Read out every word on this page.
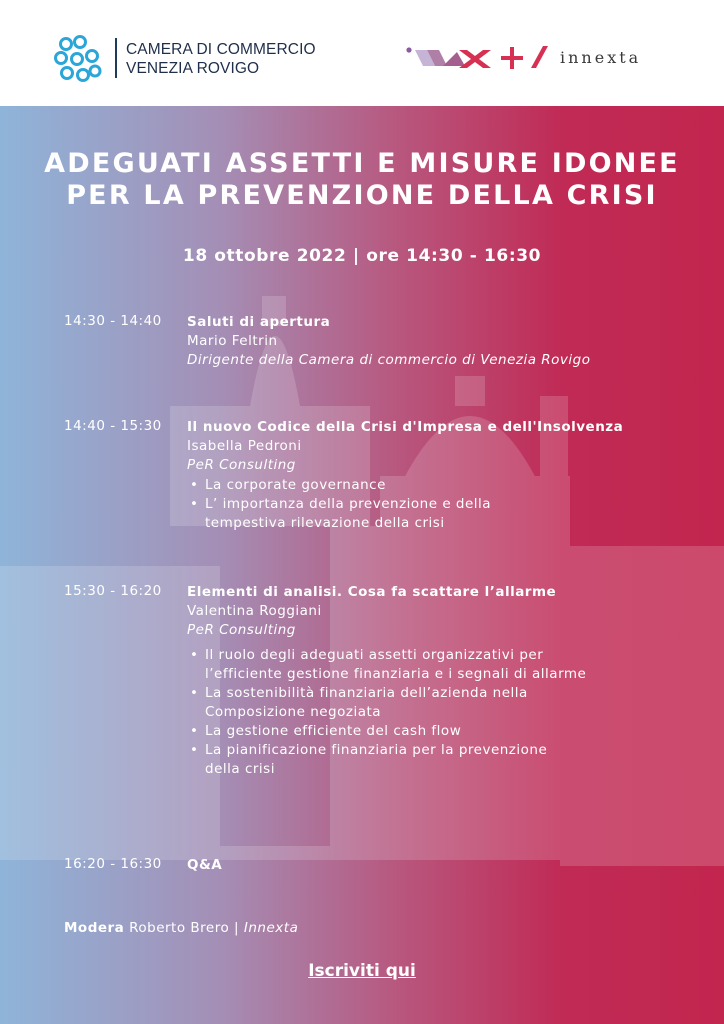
CAMERA DI COMMERCIO
VENEZIA ROVIGO
innexta
ADEGUATI ASSETTI E MISURE IDONEE
PER LA PREVENZIONE DELLA CRISI
18 ottobre 2022 | ore 14:30 - 16:30
14:30 - 14:40 Saluti di apertura
Mario Feltrin
Dirigente della Camera di commercio di Venezia Rovigo
14:40 - 15:30 Il nuovo Codice della Crisi d'Impresa e dell'Insolvenza
Isabella Pedroni
PeR Consulting
• La corporate governance
• L’ importanza della prevenzione e della tempestiva rilevazione della crisi
15:30 - 16:20 Elementi di analisi. Cosa fa scattare l’allarme
Valentina Roggiani
PeR Consulting
• Il ruolo degli adeguati assetti organizzativi per l’efficiente gestione finanziaria e i segnali di allarme
• La sostenibilità finanziaria dell’azienda nella Composizione negoziata
• La gestione efficiente del cash flow
• La pianificazione finanziaria per la prevenzione della crisi
16:20 - 16:30 Q&A
Modera Roberto Brero | Innexta
Iscriviti qui
